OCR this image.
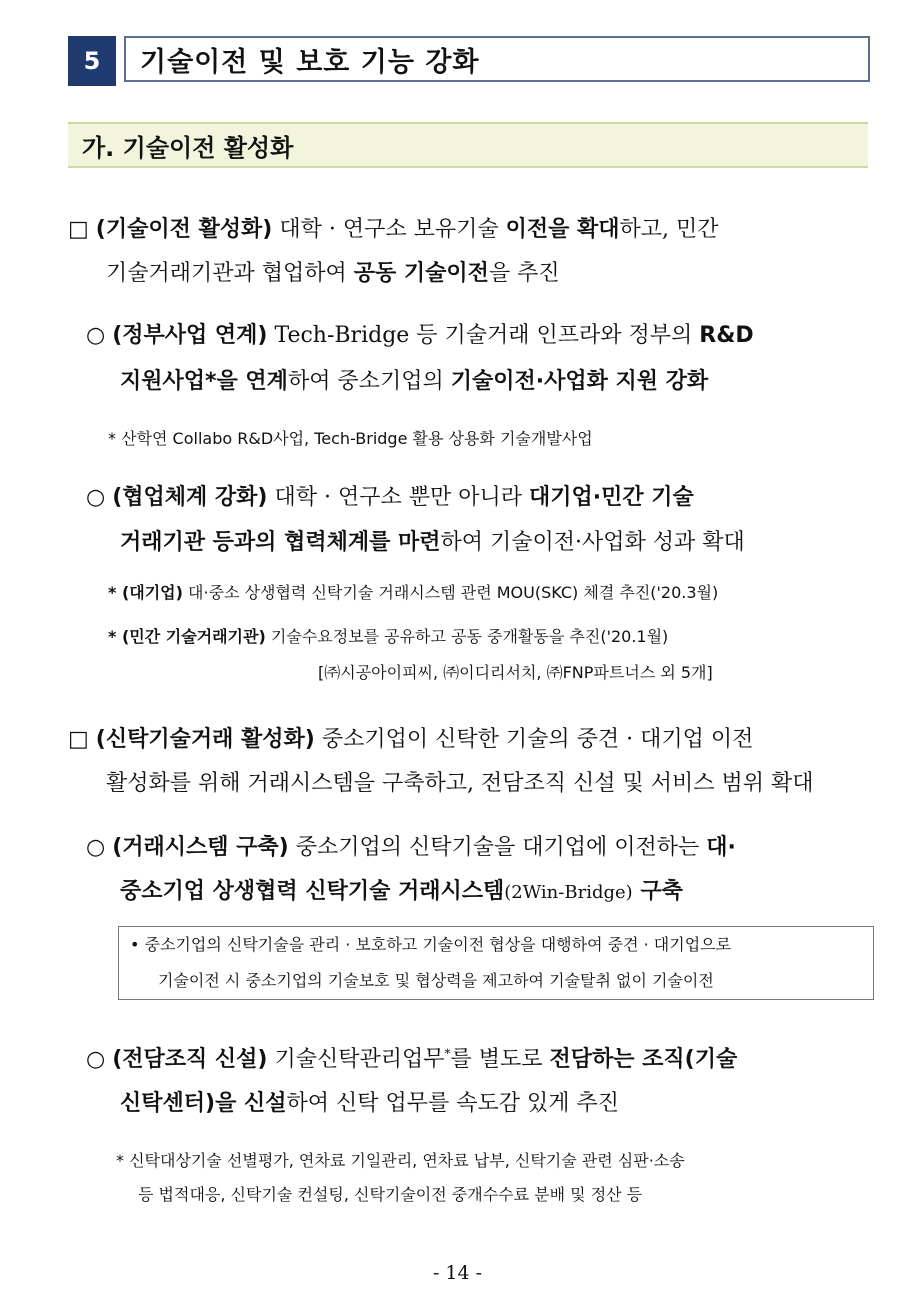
5 기술이전 및 보호 기능 강화
가. 기술이전 활성화
□ (기술이전 활성화) 대학 · 연구소 보유기술 이전을 확대하고, 민간
기술거래기관과 협업하여 공동 기술이전을 추진
○ (정부사업 연계) Tech-Bridge 등 기술거래 인프라와 정부의 R&D
지원사업*을 연계하여 중소기업의 기술이전·사업화 지원 강화
* 산학연 Collabo R&D사업, Tech-Bridge 활용 상용화 기술개발사업
○ (협업체계 강화) 대학 · 연구소 뿐만 아니라 대기업·민간 기술
거래기관 등과의 협력체계를 마련하여 기술이전·사업화 성과 확대
* (대기업) 대·중소 상생협력 신탁기술 거래시스템 관련 MOU(SKC) 체결 추진('20.3월)
* (민간 기술거래기관) 기술수요정보를 공유하고 공동 중개활동을 추진('20.1월)
[㈜시공아이피씨, ㈜이디리서치, ㈜FNP파트너스 외 5개]
□ (신탁기술거래 활성화) 중소기업이 신탁한 기술의 중견 · 대기업 이전
활성화를 위해 거래시스템을 구축하고, 전담조직 신설 및 서비스 범위 확대
○ (거래시스템 구축) 중소기업의 신탁기술을 대기업에 이전하는 대·
중소기업 상생협력 신탁기술 거래시스템(2Win-Bridge) 구축
• 중소기업의 신탁기술을 관리 · 보호하고 기술이전 협상을 대행하여 중견 · 대기업으로
기술이전 시 중소기업의 기술보호 및 협상력을 제고하여 기술탈취 없이 기술이전
○ (전담조직 신설) 기술신탁관리업무*를 별도로 전담하는 조직(기술
신탁센터)을 신설하여 신탁 업무를 속도감 있게 추진
* 신탁대상기술 선별평가, 연차료 기일관리, 연차료 납부, 신탁기술 관련 심판·소송
등 법적대응, 신탁기술 컨설팅, 신탁기술이전 중개수수료 분배 및 정산 등
- 14 -
